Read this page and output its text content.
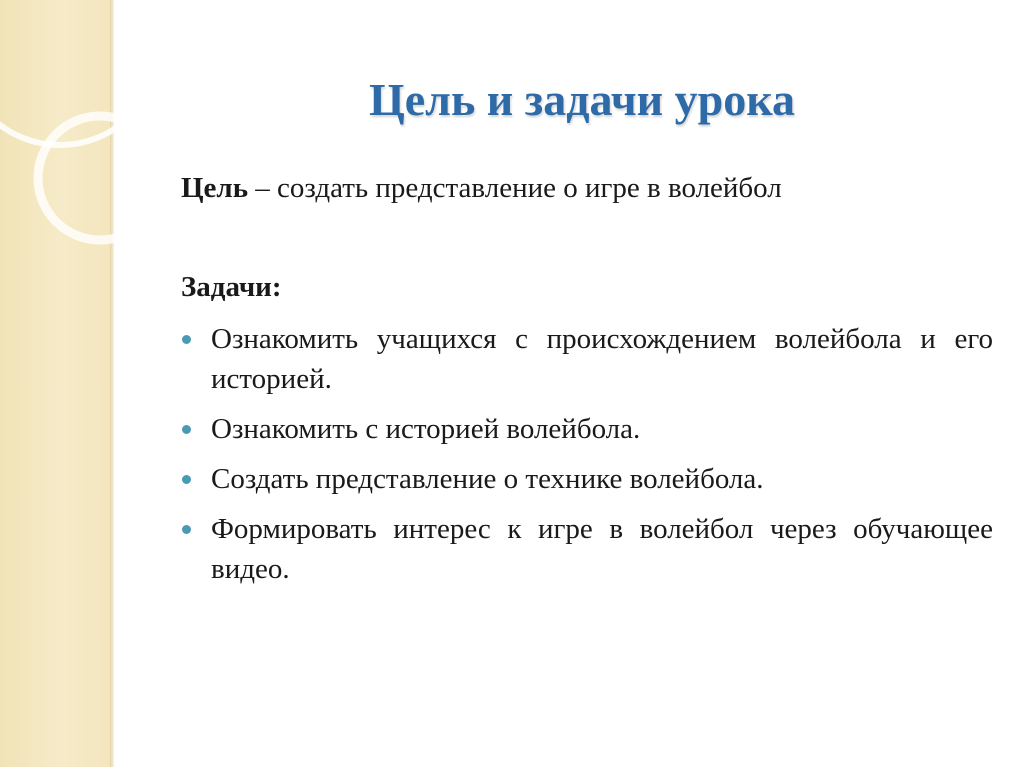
Цель и задачи урока

Цель – создать представление о игре в волейбол

Задачи:

Ознакомить учащихся с происхождением волейбола и его историей.
Ознакомить с историей волейбола.
Создать представление о технике волейбола.
Формировать интерес к игре в волейбол через обучающее видео.
